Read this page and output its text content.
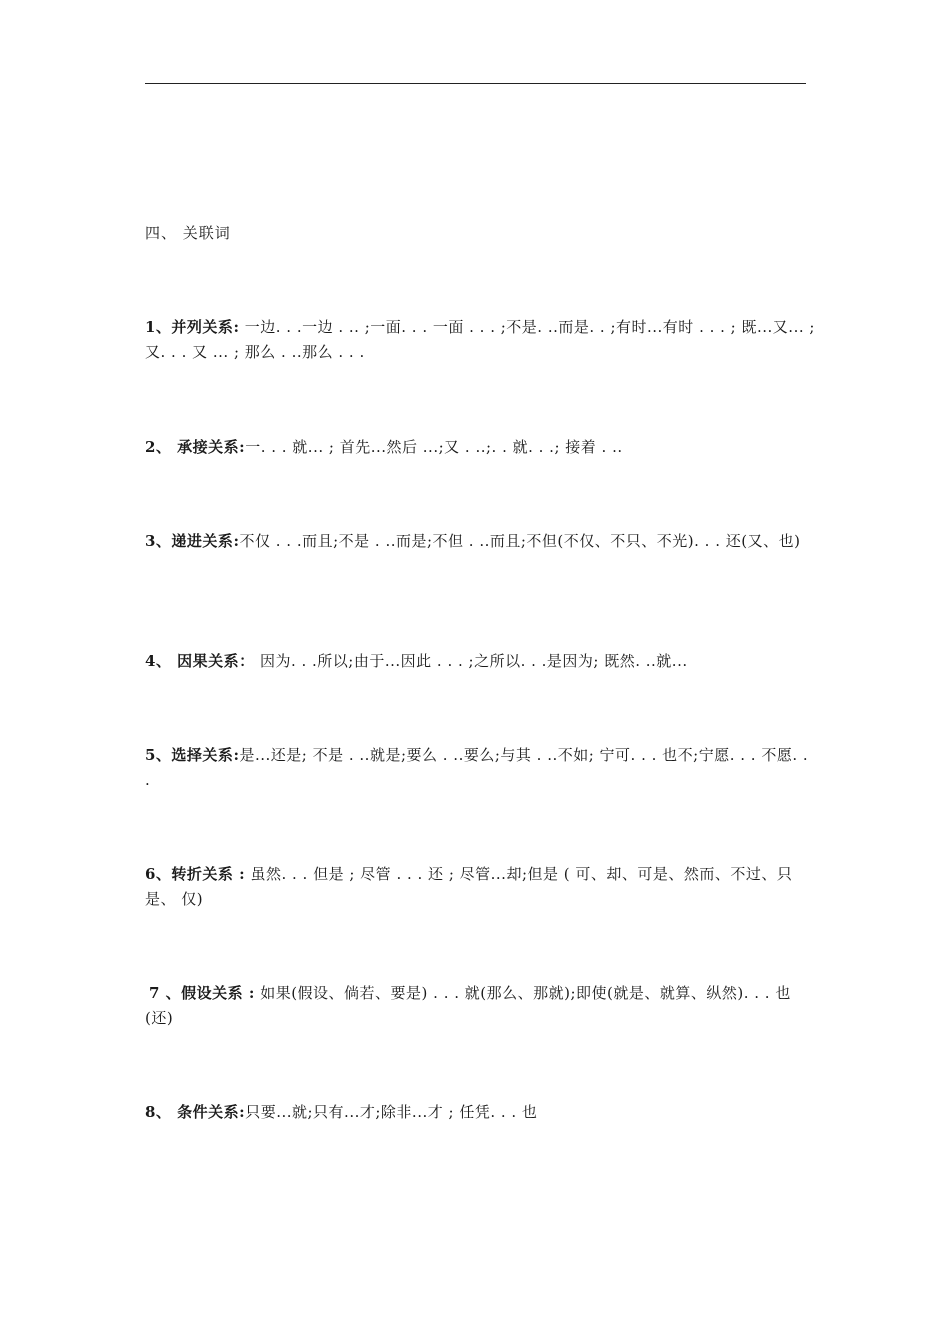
四、 关联词

1、并列关系: 一边. . .一边 . .. ;一面. . . 一面 . . . ;不是. ..而是. . ;有时...有时 . . . ; 既...又... ; 又. . . 又 ... ; 那么 . ..那么 . . .

2、 承接关系:一. . . 就... ; 首先...然后 ...;又 . ..;. . 就. . .; 接着 . ..

3、递进关系:不仅 . . .而且;不是 . ..而是;不但 . ..而且;不但(不仅、不只、不光). . . 还(又、也)

4、 因果关系： 因为. . .所以;由于...因此 . . . ;之所以. . .是因为; 既然. ..就...

5、选择关系:是...还是; 不是 . ..就是;要么 . ..要么;与其 . ..不如; 宁可. . . 也不;宁愿. . . 不愿. . .

6、转折关系 : 虽然. . . 但是 ; 尽管 . . . 还 ; 尽管...却;但是 ( 可、却、可是、然而、不过、只是、 仅)

7 、假设关系 : 如果(假设、倘若、要是) . . . 就(那么、那就);即使(就是、就算、纵然). . . 也(还)

8、 条件关系:只要...就;只有...才;除非...才 ; 任凭. . . 也
